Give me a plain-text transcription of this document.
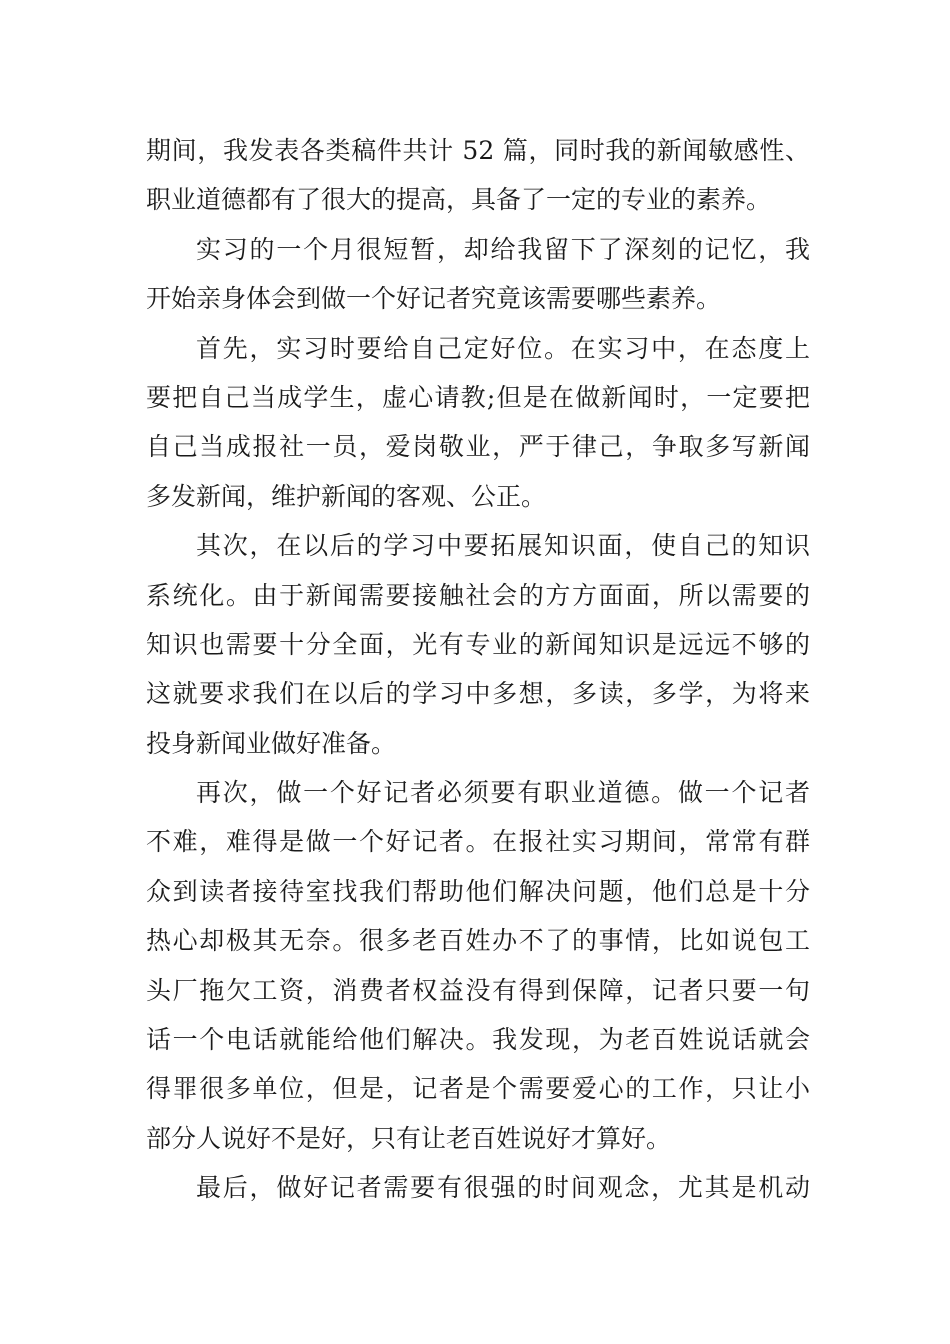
期间，我发表各类稿件共计 52 篇，同时我的新闻敏感性、
职业道德都有了很大的提高，具备了一定的专业的素养。
实习的一个月很短暂，却给我留下了深刻的记忆，我
开始亲身体会到做一个好记者究竟该需要哪些素养。
首先，实习时要给自己定好位。在实习中，在态度上
要把自己当成学生，虚心请教;但是在做新闻时，一定要把
自己当成报社一员，爱岗敬业，严于律己，争取多写新闻
多发新闻，维护新闻的客观、公正。
其次，在以后的学习中要拓展知识面，使自己的知识
系统化。由于新闻需要接触社会的方方面面，所以需要的
知识也需要十分全面，光有专业的新闻知识是远远不够的
这就要求我们在以后的学习中多想，多读，多学，为将来
投身新闻业做好准备。
再次，做一个好记者必须要有职业道德。做一个记者
不难，难得是做一个好记者。在报社实习期间，常常有群
众到读者接待室找我们帮助他们解决问题，他们总是十分
热心却极其无奈。很多老百姓办不了的事情，比如说包工
头厂拖欠工资，消费者权益没有得到保障，记者只要一句
话一个电话就能给他们解决。我发现，为老百姓说话就会
得罪很多单位，但是，记者是个需要爱心的工作，只让小
部分人说好不是好，只有让老百姓说好才算好。
最后，做好记者需要有很强的时间观念，尤其是机动
